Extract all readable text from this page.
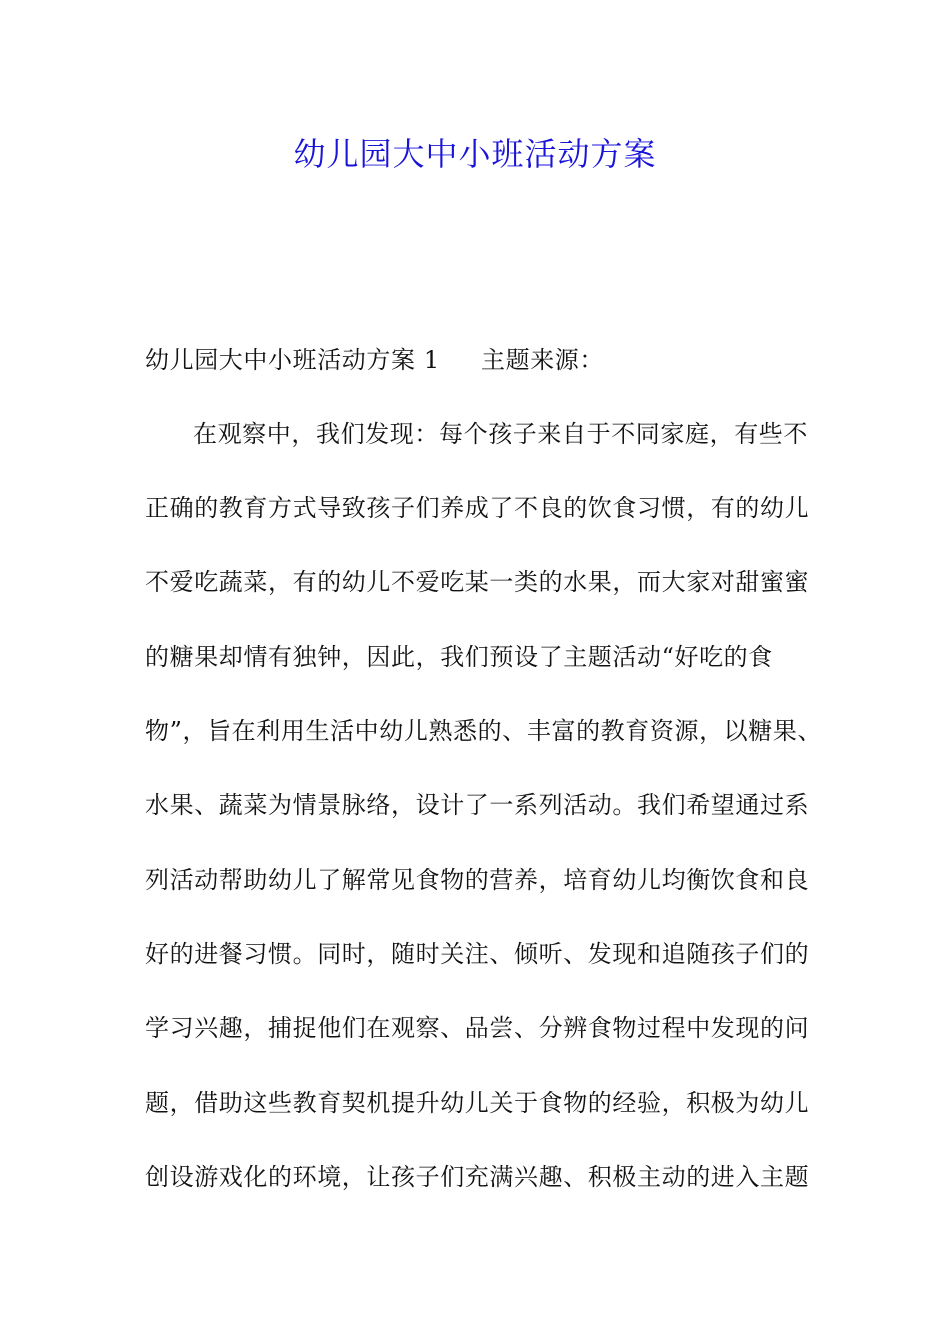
幼儿园大中小班活动方案
幼儿园大中小班活动方案 1 主题来源：
在观察中，我们发现：每个孩子来自于不同家庭，有些不
正确的教育方式导致孩子们养成了不良的饮食习惯，有的幼儿
不爱吃蔬菜，有的幼儿不爱吃某一类的水果，而大家对甜蜜蜜
的糖果却情有独钟，因此，我们预设了主题活动“好吃的食
物”，旨在利用生活中幼儿熟悉的、丰富的教育资源，以糖果、
水果、蔬菜为情景脉络，设计了一系列活动。我们希望通过系
列活动帮助幼儿了解常见食物的营养，培育幼儿均衡饮食和良
好的进餐习惯。同时，随时关注、倾听、发现和追随孩子们的
学习兴趣，捕捉他们在观察、品尝、分辨食物过程中发现的问
题，借助这些教育契机提升幼儿关于食物的经验，积极为幼儿
创设游戏化的环境，让孩子们充满兴趣、积极主动的进入主题
